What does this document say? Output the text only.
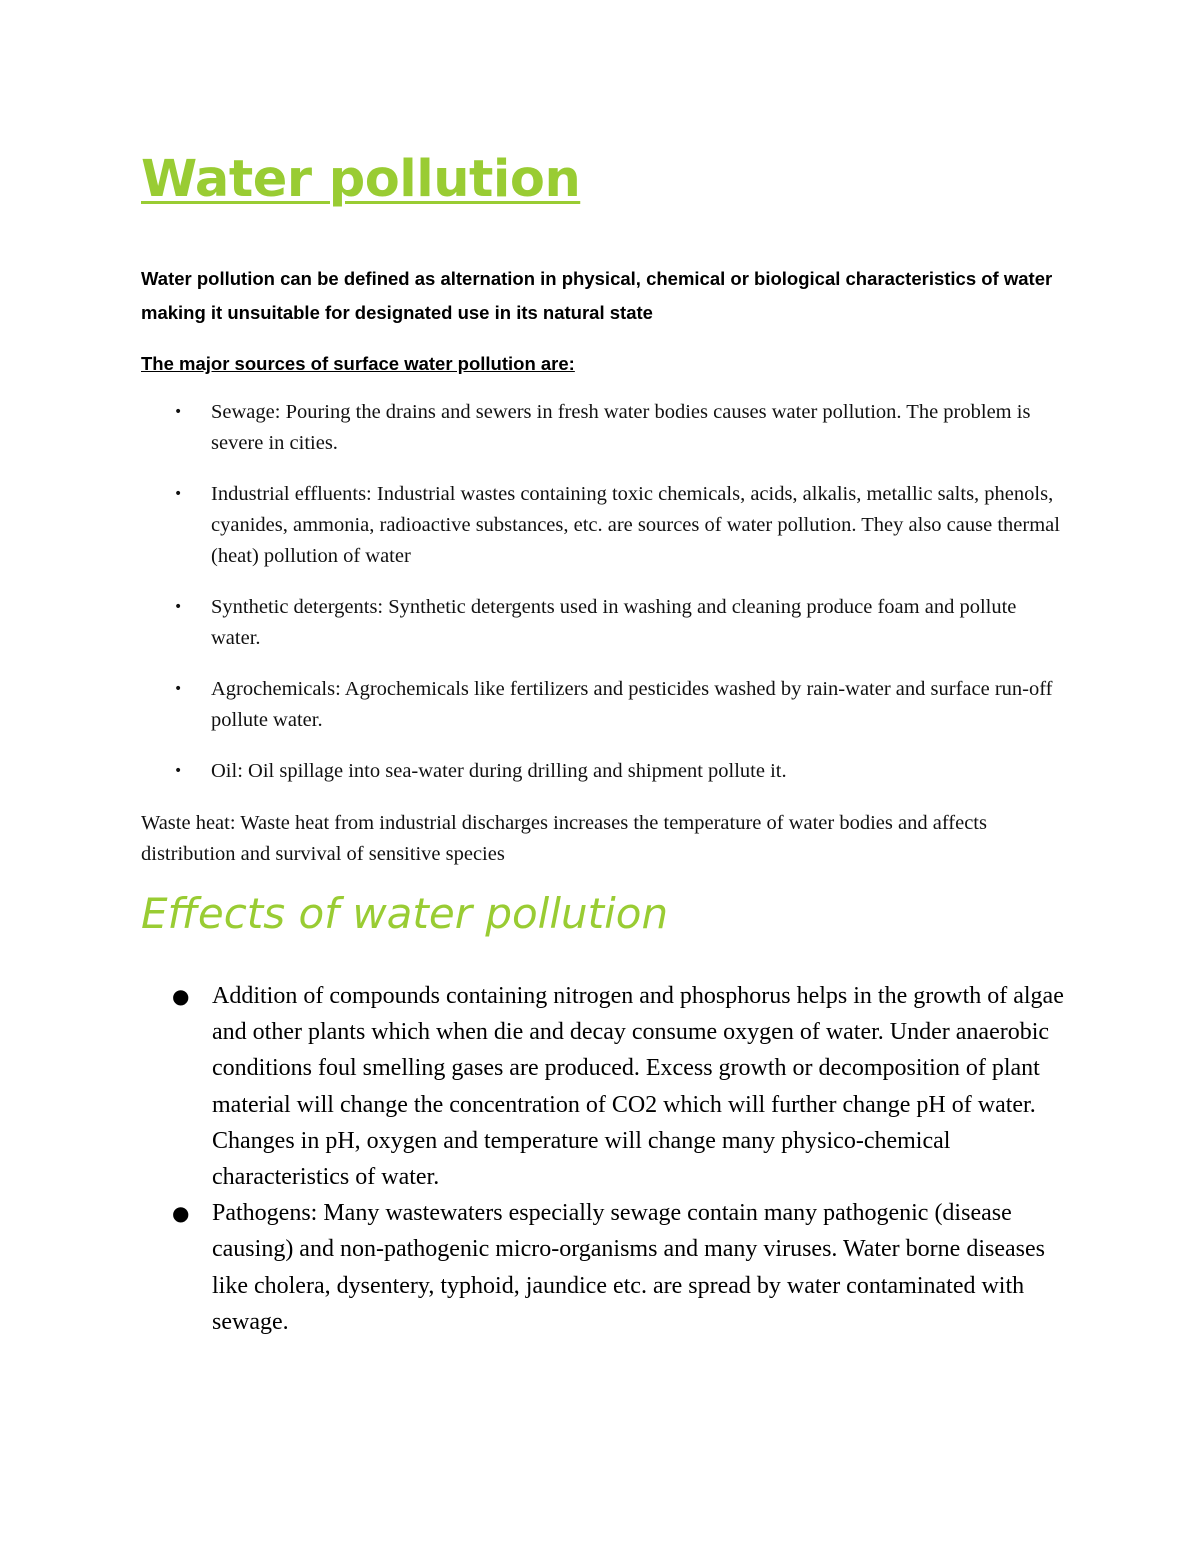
Water pollution

Water pollution can be defined as alternation in physical, chemical or biological characteristics of water making it unsuitable for designated use in its natural state

The major sources of surface water pollution are:

• Sewage: Pouring the drains and sewers in fresh water bodies causes water pollution. The problem is severe in cities.
• Industrial effluents: Industrial wastes containing toxic chemicals, acids, alkalis, metallic salts, phenols, cyanides, ammonia, radioactive substances, etc. are sources of water pollution. They also cause thermal (heat) pollution of water
• Synthetic detergents: Synthetic detergents used in washing and cleaning produce foam and pollute water.
• Agrochemicals: Agrochemicals like fertilizers and pesticides washed by rain-water and surface run-off pollute water.
• Oil: Oil spillage into sea-water during drilling and shipment pollute it.

Waste heat: Waste heat from industrial discharges increases the temperature of water bodies and affects distribution and survival of sensitive species

Effects of water pollution
● Addition of compounds containing nitrogen and phosphorus helps in the growth of algae and other plants which when die and decay consume oxygen of water. Under anaerobic conditions foul smelling gases are produced. Excess growth or decomposition of plant material will change the concentration of CO2 which will further change pH of water. Changes in pH, oxygen and temperature will change many physico-chemical characteristics of water.
● Pathogens: Many wastewaters especially sewage contain many pathogenic (disease causing) and non-pathogenic micro-organisms and many viruses. Water borne diseases like cholera, dysentery, typhoid, jaundice etc. are spread by water contaminated with sewage.
